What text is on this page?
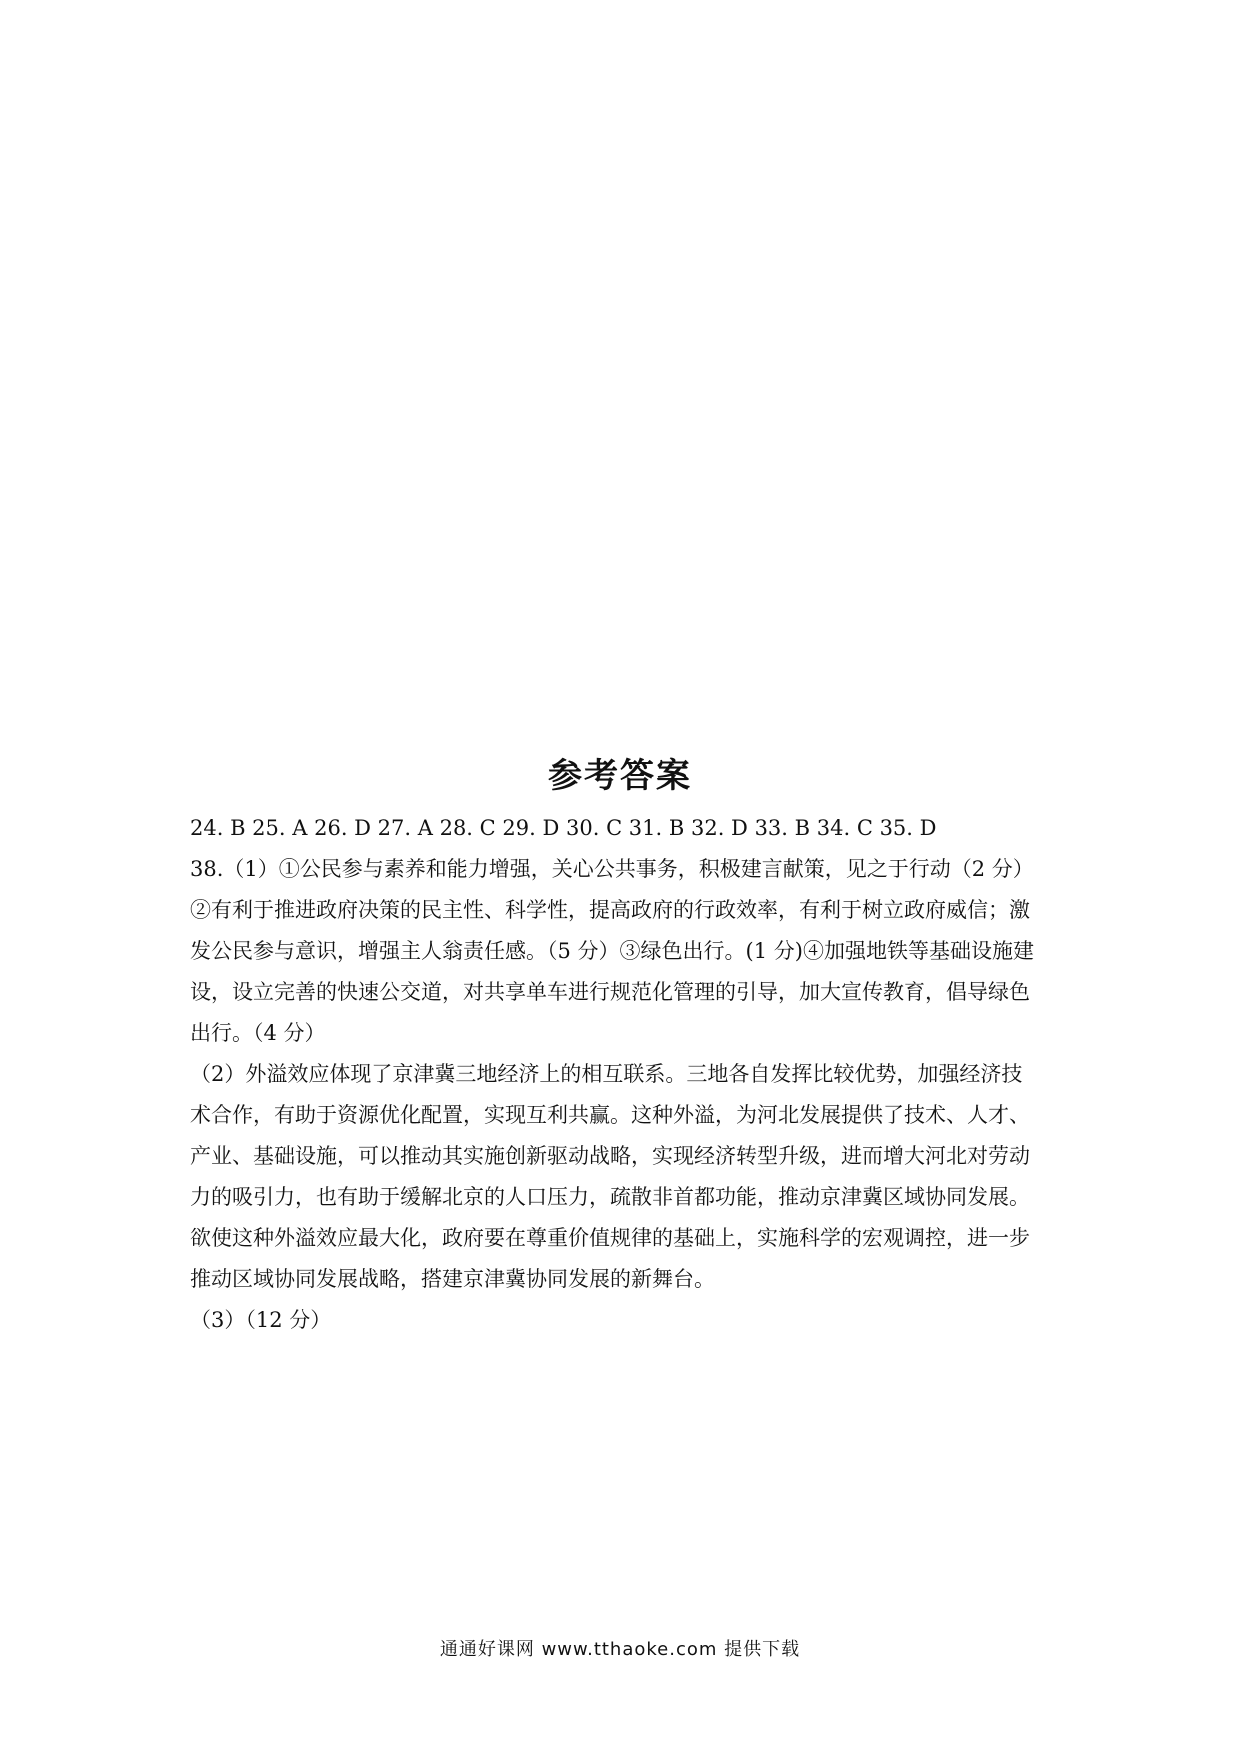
参考答案
24. B 25. A 26. D 27. A 28. C 29. D 30. C 31. B 32. D 33. B 34. C 35. D
38.（1）①公民参与素养和能力增强，关心公共事务，积极建言献策，见之于行动（2 分）
②有利于推进政府决策的民主性、科学性，提高政府的行政效率，有利于树立政府威信；激
发公民参与意识，增强主人翁责任感。（5 分）③绿色出行。(1 分)④加强地铁等基础设施建
设，设立完善的快速公交道，对共享单车进行规范化管理的引导，加大宣传教育，倡导绿色
出行。（4 分）
（2）外溢效应体现了京津冀三地经济上的相互联系。三地各自发挥比较优势，加强经济技
术合作，有助于资源优化配置，实现互利共赢。这种外溢，为河北发展提供了技术、人才、
产业、基础设施，可以推动其实施创新驱动战略，实现经济转型升级，进而增大河北对劳动
力的吸引力，也有助于缓解北京的人口压力，疏散非首都功能，推动京津冀区域协同发展。
欲使这种外溢效应最大化，政府要在尊重价值规律的基础上，实施科学的宏观调控，进一步
推动区域协同发展战略，搭建京津冀协同发展的新舞台。
（3）（12 分）
通通好课网 www.tthaoke.com 提供下载
